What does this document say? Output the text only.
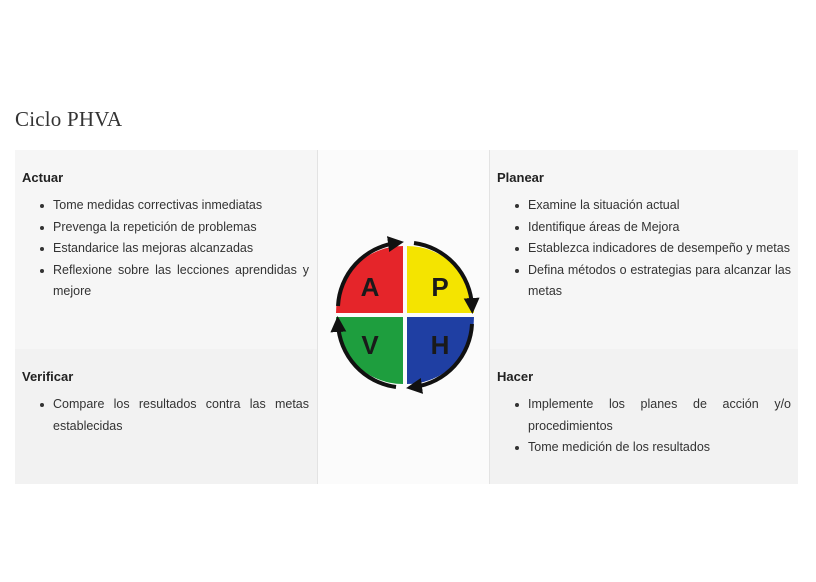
Ciclo PHVA
Actuar
Tome medidas correctivas inmediatas
Prevenga la repetición de problemas
Estandarice las mejoras alcanzadas
Reflexione sobre las lecciones aprendidas y mejore
Verificar
Compare los resultados contra las metas establecidas
A P
V H
Planear
Examine la situación actual
Identifique áreas de Mejora
Establezca indicadores de desempeño y metas
Defina métodos o estrategias para alcanzar las metas
Hacer
Implemente los planes de acción y/o procedimientos
Tome medición de los resultados
